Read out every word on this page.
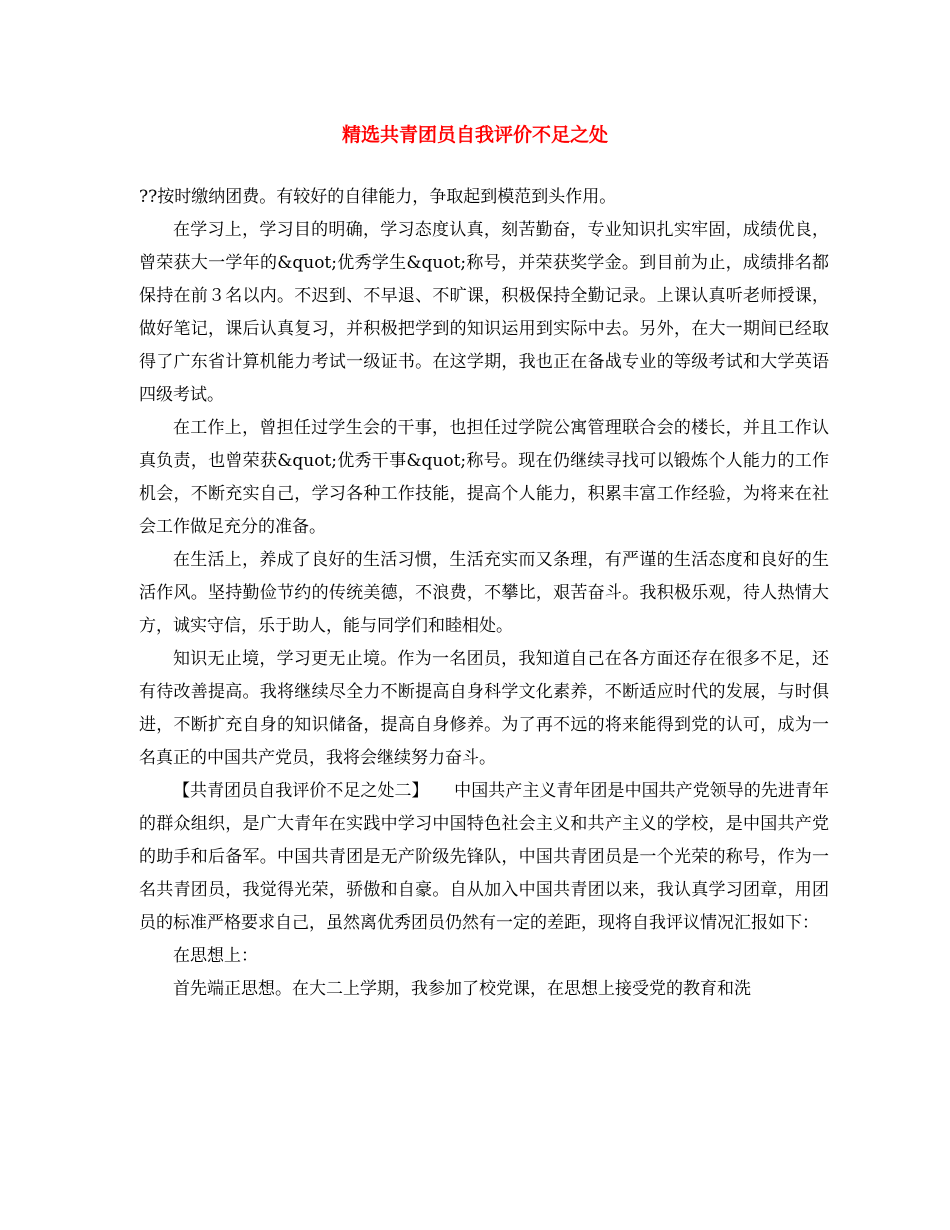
精选共青团员自我评价不足之处

??按时缴纳团费。有较好的自律能力，争取起到模范到头作用。

在学习上，学习目的明确，学习态度认真，刻苦勤奋，专业知识扎实牢固，成绩优良，曾荣获大一学年的&quot;优秀学生&quot;称号，并荣获奖学金。到目前为止，成绩排名都保持在前３名以内。不迟到、不早退、不旷课，积极保持全勤记录。上课认真听老师授课，做好笔记，课后认真复习，并积极把学到的知识运用到实际中去。另外，在大一期间已经取得了广东省计算机能力考试一级证书。在这学期，我也正在备战专业的等级考试和大学英语四级考试。

在工作上，曾担任过学生会的干事，也担任过学院公寓管理联合会的楼长，并且工作认真负责，也曾荣获&quot;优秀干事&quot;称号。现在仍继续寻找可以锻炼个人能力的工作机会，不断充实自己，学习各种工作技能，提高个人能力，积累丰富工作经验，为将来在社会工作做足充分的准备。

在生活上，养成了良好的生活习惯，生活充实而又条理，有严谨的生活态度和良好的生活作风。坚持勤俭节约的传统美德，不浪费，不攀比，艰苦奋斗。我积极乐观，待人热情大方，诚实守信，乐于助人，能与同学们和睦相处。

知识无止境，学习更无止境。作为一名团员，我知道自己在各方面还存在很多不足，还有待改善提高。我将继续尽全力不断提高自身科学文化素养，不断适应时代的发展，与时俱进，不断扩充自身的知识储备，提高自身修养。为了再不远的将来能得到党的认可，成为一名真正的中国共产党员，我将会继续努力奋斗。

【共青团员自我评价不足之处二】　　中国共产主义青年团是中国共产党领导的先进青年的群众组织，是广大青年在实践中学习中国特色社会主义和共产主义的学校，是中国共产党的助手和后备军。中国共青团是无产阶级先锋队，中国共青团员是一个光荣的称号，作为一名共青团员，我觉得光荣，骄傲和自豪。自从加入中国共青团以来，我认真学习团章，用团员的标准严格要求自己，虽然离优秀团员仍然有一定的差距，现将自我评议情况汇报如下：

在思想上：

首先端正思想。在大二上学期，我参加了校党课，在思想上接受党的教育和洗
